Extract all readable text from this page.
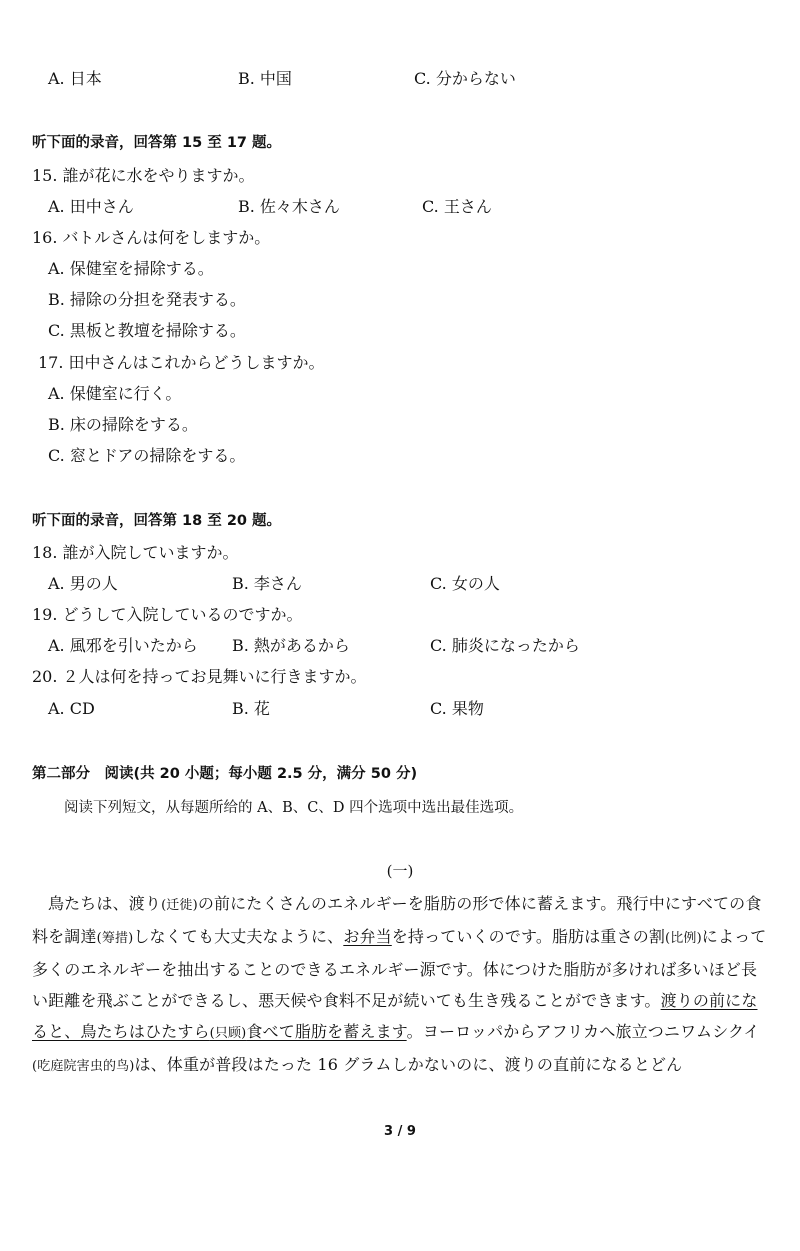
A. 日本	B. 中国	C. 分からない
听下面的录音，回答第 15 至 17 题。
15. 誰が花に水をやりますか。
A. 田中さん	B. 佐々木さん	C. 王さん
16. バトルさんは何をしますか。
A. 保健室を掃除する。
B. 掃除の分担を発表する。
C. 黒板と教壇を掃除する。
17. 田中さんはこれからどうしますか。
A. 保健室に行く。
B. 床の掃除をする。
C. 窓とドアの掃除をする。
听下面的录音，回答第 18 至 20 题。
18. 誰が入院していますか。
A. 男の人	B. 李さん	C. 女の人
19. どうして入院しているのですか。
A. 風邪を引いたから B. 熱があるから	C. 肺炎になったから
20. ２人は何を持ってお見舞いに行きますか。
A. CD	B. 花	C. 果物
第二部分　阅读(共 20 小题；每小题 2.5 分，满分 50 分)
阅读下列短文，从每题所给的 A、B、C、D 四个选项中选出最佳选项。
(一)
鳥たちは、渡り(迁徙)の前にたくさんのエネルギーを脂肪の形で体に蓄えます。飛行中にすべての食料を調達(筹措)しなくても大丈夫なように、お弁当を持っていくのです。脂肪は重さの割(比例)によって多くのエネルギーを抽出することのできるエネルギー源です。体につけた脂肪が多ければ多いほど長い距離を飛ぶことができるし、悪天候や食料不足が続いても生き残ることができます。渡りの前になると、鳥たちはひたすら(只顾)食べて脂肪を蓄えます。ヨーロッパからアフリカへ旅立つニワムシクイ(吃庭院害虫的鸟)は、体重が普段はたった 16 グラムしかないのに、渡りの直前になるとどん
3 / 9
